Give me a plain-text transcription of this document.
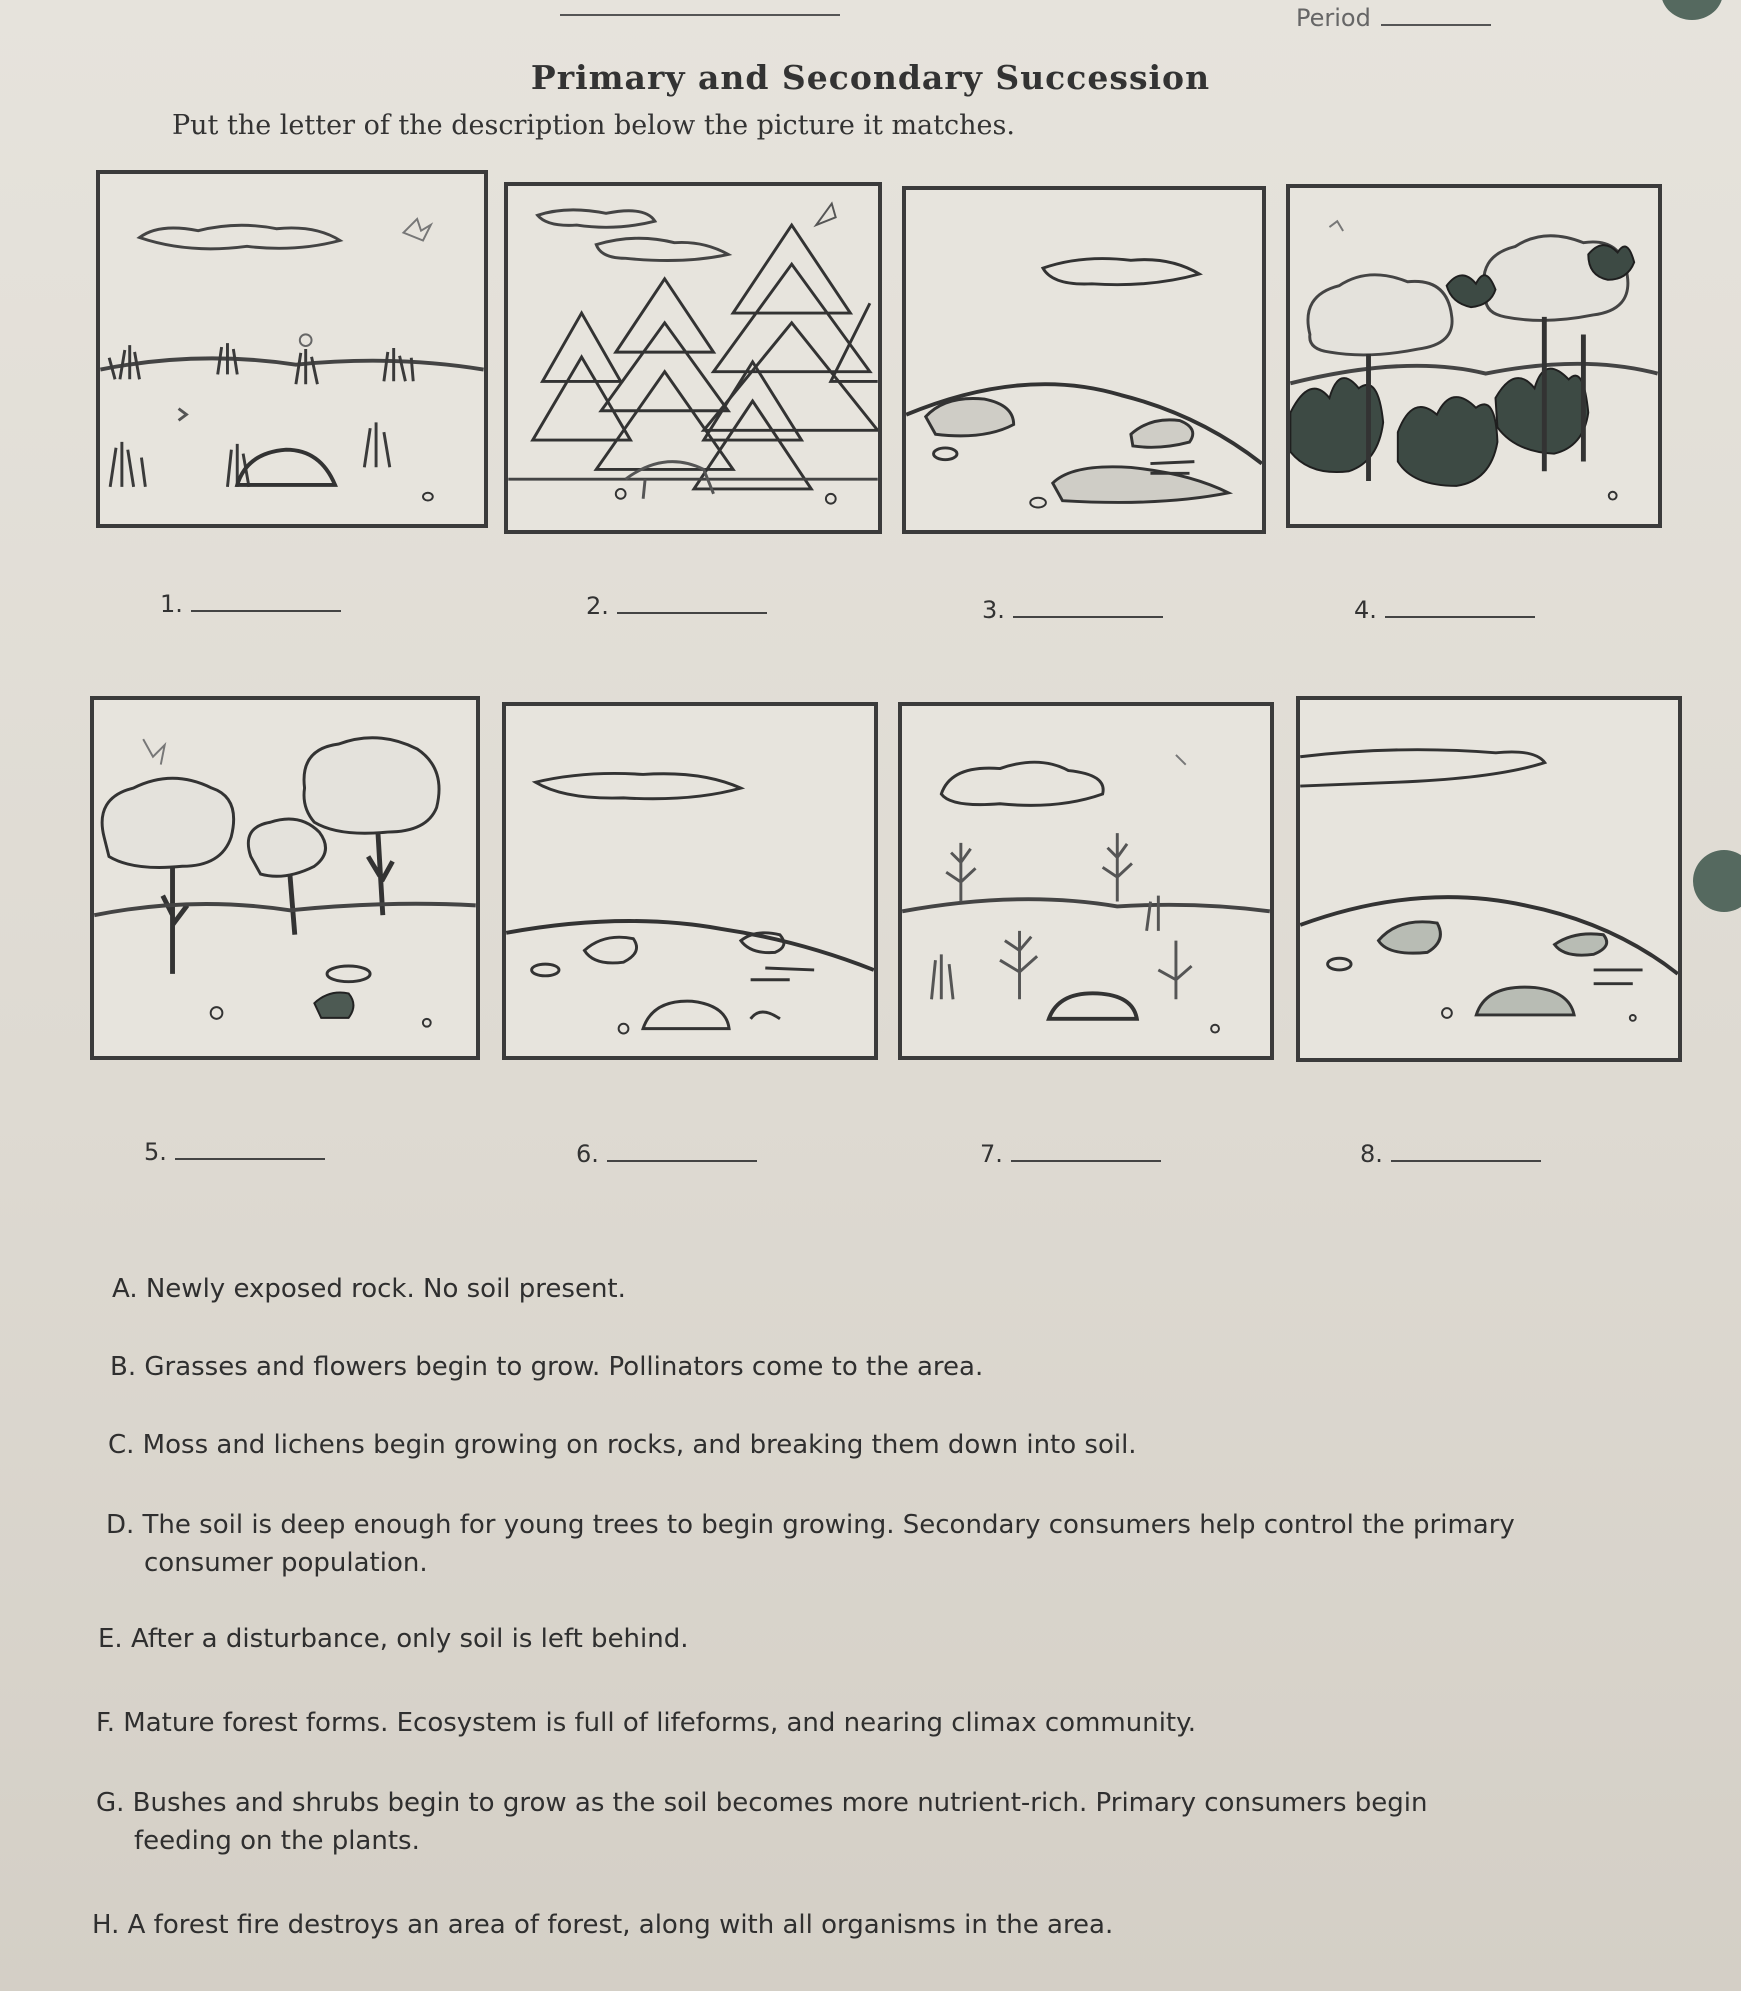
Period
Primary and Secondary Succession
Put the letter of the description below the picture it matches.
1.	2.	3.	4.
5.	6.	7.	8.
A. Newly exposed rock. No soil present.
B. Grasses and flowers begin to grow. Pollinators come to the area.
C. Moss and lichens begin growing on rocks, and breaking them down into soil.
D. The soil is deep enough for young trees to begin growing. Secondary consumers help control the primary
consumer population.
E. After a disturbance, only soil is left behind.
F. Mature forest forms. Ecosystem is full of lifeforms, and nearing climax community.
G. Bushes and shrubs begin to grow as the soil becomes more nutrient-rich. Primary consumers begin
feeding on the plants.
H. A forest fire destroys an area of forest, along with all organisms in the area.
